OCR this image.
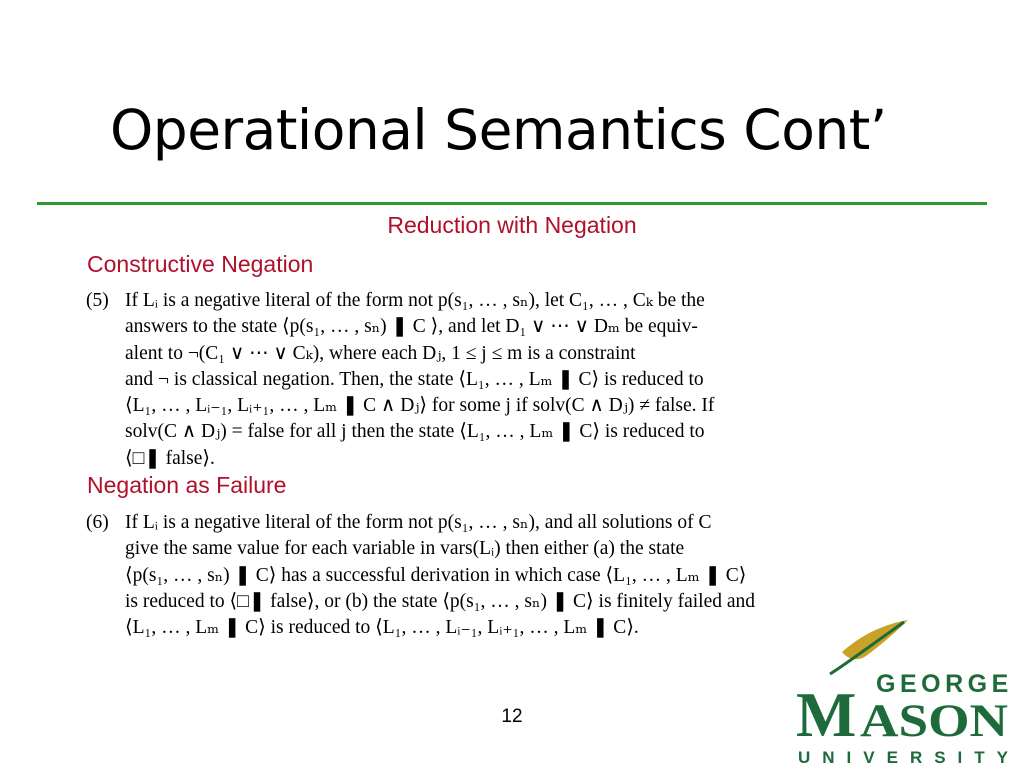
Operational Semantics Cont’
Reduction with Negation
Constructive Negation
(5) If Lᵢ is a negative literal of the form not p(s₁, … , sₙ), let C₁, … , Cₖ be the
answers to the state ⟨p(s₁, … , sₙ) ❚ C ⟩, and let D₁ ∨ ⋯ ∨ Dₘ be equiv-
alent to ¬(C₁ ∨ ⋯ ∨ Cₖ), where each Dⱼ, 1 ≤ j ≤ m is a constraint
and ¬ is classical negation. Then, the state ⟨L₁, … , Lₘ ❚ C⟩ is reduced to
⟨L₁, … , Lᵢ₋₁, Lᵢ₊₁, … , Lₘ ❚ C ∧ Dⱼ⟩ for some j if solv(C ∧ Dⱼ) ≠ false. If
solv(C ∧ Dⱼ) = false for all j then the state ⟨L₁, … , Lₘ ❚ C⟩ is reduced to
⟨□❚ false⟩.
Negation as Failure
(6) If Lᵢ is a negative literal of the form not p(s₁, … , sₙ), and all solutions of C
give the same value for each variable in vars(Lᵢ) then either (a) the state
⟨p(s₁, … , sₙ) ❚ C⟩ has a successful derivation in which case ⟨L₁, … , Lₘ ❚ C⟩
is reduced to ⟨□❚ false⟩, or (b) the state ⟨p(s₁, … , sₙ) ❚ C⟩ is finitely failed and
⟨L₁, … , Lₘ ❚ C⟩ is reduced to ⟨L₁, … , Lᵢ₋₁, Lᵢ₊₁, … , Lₘ ❚ C⟩.
12
GEORGE
M ASON
UNIVERSITY
